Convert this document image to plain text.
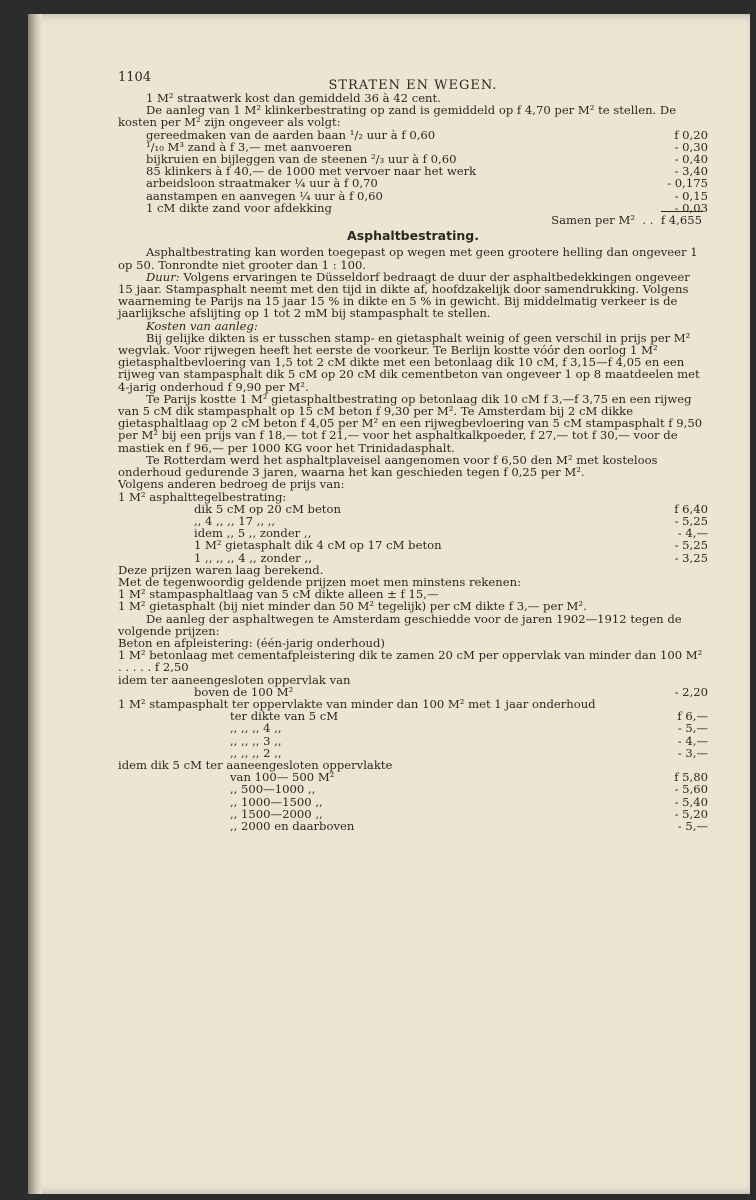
1104
STRATEN EN WEGEN.

1 M² straatwerk kost dan gemiddeld 36 à 42 cent.

De aanleg van 1 M² klinkerbestrating op zand is gemiddeld op f 4,70 per M² te stellen. De kosten per M² zijn ongeveer als volgt:

gereedmaken van de aarden baan ¹/₂ uur à f 0,60	f 0,20
¹/₁₀ M³ zand à f 3,— met aanvoeren	- 0,30
bijkruien en bijleggen van de steenen ²/₃ uur à f 0,60	- 0,40
85 klinkers à f 40,— de 1000 met vervoer naar het werk	- 3,40
arbeidsloon straatmaker ¼ uur à f 0,70	- 0,175
aanstampen en aanvegen ¼ uur à f 0,60	- 0,15
1 cM dikte zand voor afdekking	- 0,03
Samen per M²  . .  f 4,655
Asphaltbestrating.

Asphaltbestrating kan worden toegepast op wegen met geen grootere helling dan ongeveer 1 op 50. Tonrondte niet grooter dan 1 : 100.

Duur: Volgens ervaringen te Düsseldorf bedraagt de duur der asphaltbedekkingen ongeveer 15 jaar. Stampasphalt neemt met den tijd in dikte af, hoofdzakelijk door samendrukking. Volgens waarneming te Parijs na 15 jaar 15 % in dikte en 5 % in gewicht. Bij middelmatig verkeer is de jaarlijksche afslijting op 1 tot 2 mM bij stampasphalt te stellen.

Kosten van aanleg:

Bij gelijke dikten is er tusschen stamp- en gietasphalt weinig of geen verschil in prijs per M² wegvlak. Voor rijwegen heeft het eerste de voorkeur. Te Berlijn kostte vóór den oorlog 1 M² gietasphaltbevloering van 1,5 tot 2 cM dikte met een betonlaag dik 10 cM, f 3,15—f 4,05 en een rijweg van stampasphalt dik 5 cM op 20 cM dik cementbeton van ongeveer 1 op 8 maatdeelen met 4-jarig onderhoud f 9,90 per M².

Te Parijs kostte 1 M² gietasphaltbestrating op betonlaag dik 10 cM f 3,—f 3,75 en een rijweg van 5 cM dik stampasphalt op 15 cM beton f 9,30 per M². Te Amsterdam bij 2 cM dikke gietasphaltlaag op 2 cM beton f 4,05 per M² en een rijwegbevloering van 5 cM stampasphalt f 9,50 per M² bij een prijs van f 18,— tot f 21,— voor het asphaltkalkpoeder, f 27,— tot f 30,— voor de mastiek en f 96,— per 1000 KG voor het Trinidadasphalt.

Te Rotterdam werd het asphaltplaveisel aangenomen voor f 6,50 den M² met kosteloos onderhoud gedurende 3 jaren, waarna het kan geschieden tegen f 0,25 per M².

Volgens anderen bedroeg de prijs van:

1 M² asphalttegelbestrating:

dik 5 cM op 20 cM beton	f 6,40
,, 4 ,, ,, 17 ,, ,,	- 5,25
idem ,, 5 ,, zonder ,,	- 4,—
1 M² gietasphalt dik 4 cM op 17 cM beton	- 5,25
1 ,, ,, ,, 4 ,, zonder ,,	- 3,25

Deze prijzen waren laag berekend.

Met de tegenwoordig geldende prijzen moet men minstens rekenen:

1 M² stampasphaltlaag van 5 cM dikte alleen ± f 15,—

1 M² gietasphalt (bij niet minder dan 50 M² tegelijk) per cM dikte f 3,— per M².

De aanleg der asphaltwegen te Amsterdam geschiedde voor de jaren 1902—1912 tegen de volgende prijzen:

Beton en afpleistering: (één-jarig onderhoud)

1 M² betonlaag met cementafpleistering dik te zamen 20 cM per oppervlak van minder dan 100 M² . . . . . f 2,50

idem ter aaneengesloten oppervlak van

boven de 100 M²	- 2,20

1 M² stampasphalt ter oppervlakte van minder dan 100 M² met 1 jaar onderhoud

ter dikte van 5 cM	f 6,—
,, ,, ,, 4 ,,	- 5,—
,, ,, ,, 3 ,,	- 4,—
,, ,, ,, 2 ,,	- 3,—

idem dik 5 cM ter aaneengesloten oppervlakte

van 100— 500 M²	f 5,80
,, 500—1000 ,,	- 5,60
,, 1000—1500 ,,	- 5,40
,, 1500—2000 ,,	- 5,20
,, 2000 en daarboven	- 5,—
